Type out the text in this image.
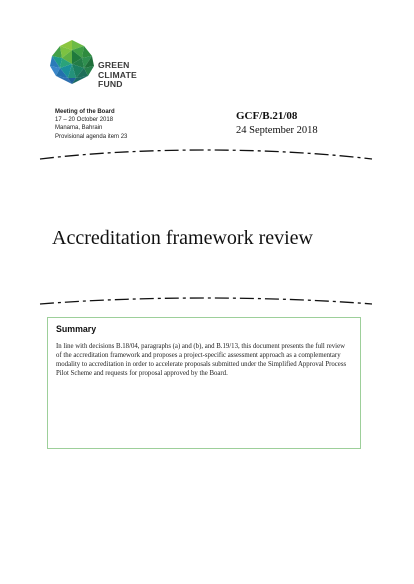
GREEN
CLIMATE
FUND
Meeting of the Board
17 – 20 October 2018
Manama, Bahrain
Provisional agenda item 23
GCF/B.21/08
24 September 2018
Accreditation framework review

Summary

In line with decisions B.18/04, paragraphs (a) and (b), and B.19/13, this document presents the full review of the accreditation framework and proposes a project-specific assessment approach as a complementary modality to accreditation in order to accelerate proposals submitted under the Simplified Approval Process Pilot Scheme and requests for proposal approved by the Board.
